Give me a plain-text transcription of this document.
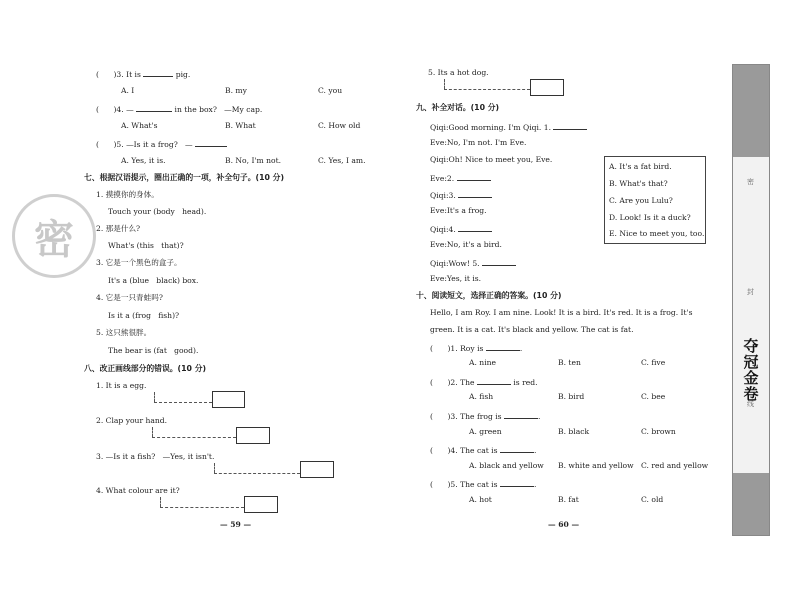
(      )3. It is	pig.
A. I	B. my	C. you
(      )4. —	in the box?   —My cap.
A. What's	B. What	C. How old
(      )5. —Is it a frog?   —
A. Yes, it is.	B. No, I'm not.	C. Yes, I am.
七、根据汉语提示，圈出正确的一项，补全句子。(10 分)
1. 摸摸你的身体。
Touch your (body   head).
2. 那是什么?
What's (this   that)?
3. 它是一个黑色的盒子。
It's a (blue   black) box.
4. 它是一只青蛙吗?
Is it a (frog   fish)?
5. 这只熊很胖。
The bear is (fat   good).
八、改正画线部分的错误。(10 分)
1. It is a egg.
2. Clap your hand.
3. —Is it a fish?   —Yes, it isn't.
4. What colour are it?
— 59 —
密
5. Its a hot dog.
九、补全对话。(10 分)
Qiqi:Good morning. I'm Qiqi. 1.
Eve:No, I'm not. I'm Eve.
Qiqi:Oh! Nice to meet you, Eve.
Eve:2.
Qiqi:3.
Eve:It's a frog.
Qiqi:4.
Eve:No, it's a bird.
Qiqi:Wow! 5.
Eve:Yes, it is.
A. It's a fat bird.
B. What's that?
C. Are you Lulu?
D. Look! Is it a duck?
E. Nice to meet you, too.
十、阅读短文，选择正确的答案。(10 分)
Hello, I am Roy. I am nine. Look! It is a bird. It's red. It is a frog. It's
green. It is a cat. It's black and yellow. The cat is fat.
(      )1. Roy is	.
A. nine	B. ten	C. five
(      )2. The	is red.
A. fish	B. bird	C. bee
(      )3. The frog is	.
A. green	B. black	C. brown
(      )4. The cat is	.
A. black and yellow B. white and yellow C. red and yellow
(      )5. The cat is	.
A. hot	B. fat	C. old
— 60 —
密
封
线
夺冠金卷
